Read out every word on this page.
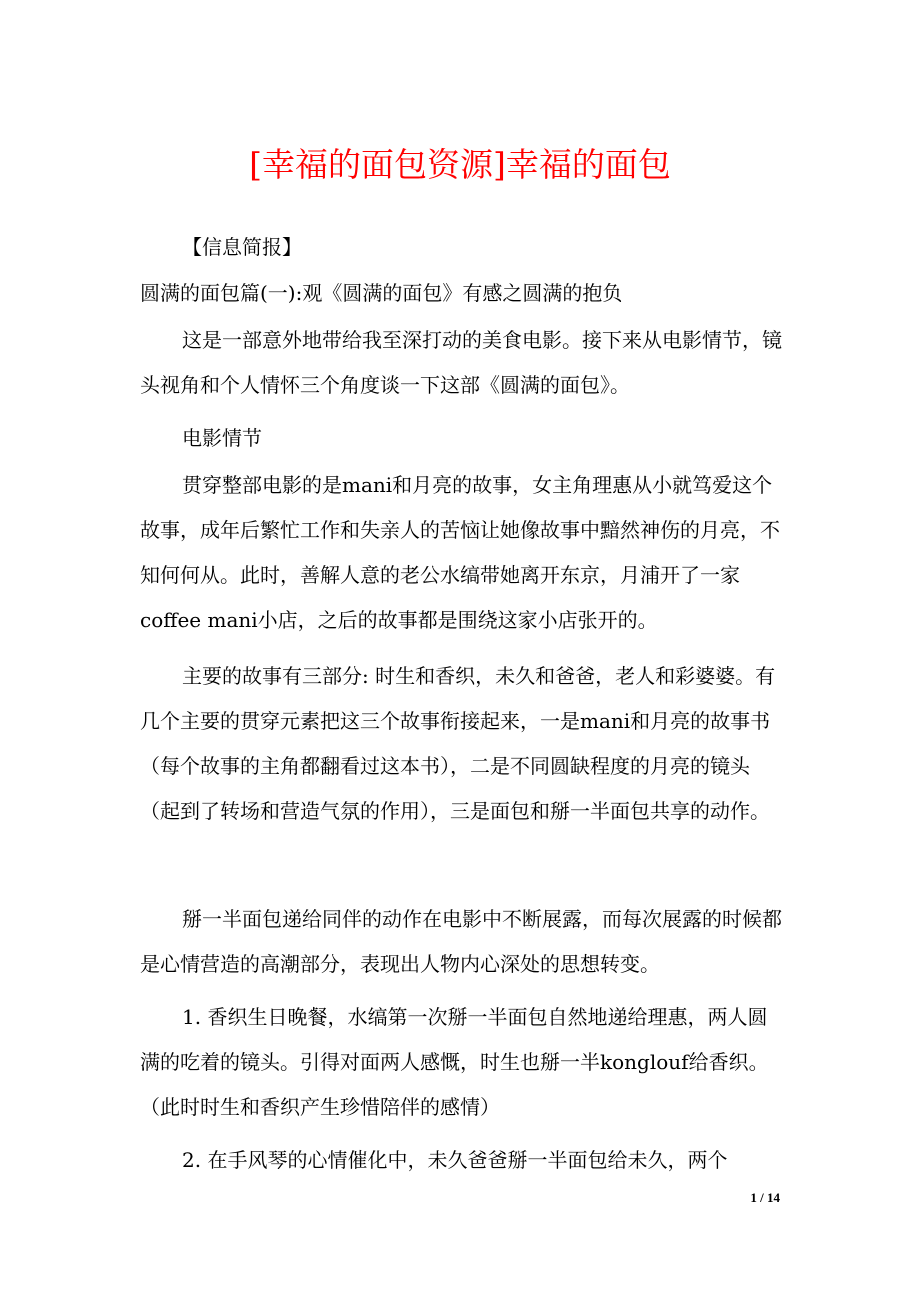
[幸福的面包资源]幸福的面包

【信息简报】

圆满的面包篇(一):观《圆满的面包》有感之圆满的抱负

这是一部意外地带给我至深打动的美食电影。接下来从电影情节，镜头视角和个人情怀三个角度谈一下这部《圆满的面包》。

电影情节

贯穿整部电影的是mani和月亮的故事，女主角理惠从小就笃爱这个故事，成年后繁忙工作和失亲人的苦恼让她像故事中黯然神伤的月亮，不知何何从。此时，善解人意的老公水缟带她离开东京，月浦开了一家coffee mani小店，之后的故事都是围绕这家小店张开的。

主要的故事有三部分: 时生和香织，未久和爸爸，老人和彩婆婆。有几个主要的贯穿元素把这三个故事衔接起来，一是mani和月亮的故事书（每个故事的主角都翻看过这本书），二是不同圆缺程度的月亮的镜头（起到了转场和营造气氛的作用），三是面包和掰一半面包共享的动作。

掰一半面包递给同伴的动作在电影中不断展露，而每次展露的时候都是心情营造的高潮部分，表现出人物内心深处的思想转变。

1. 香织生日晚餐，水缟第一次掰一半面包自然地递给理惠，两人圆满的吃着的镜头。引得对面两人感慨，时生也掰一半konglouf给香织。（此时时生和香织产生珍惜陪伴的感情）

2. 在手风琴的心情催化中，未久爸爸掰一半面包给未久，两个

1 / 14
